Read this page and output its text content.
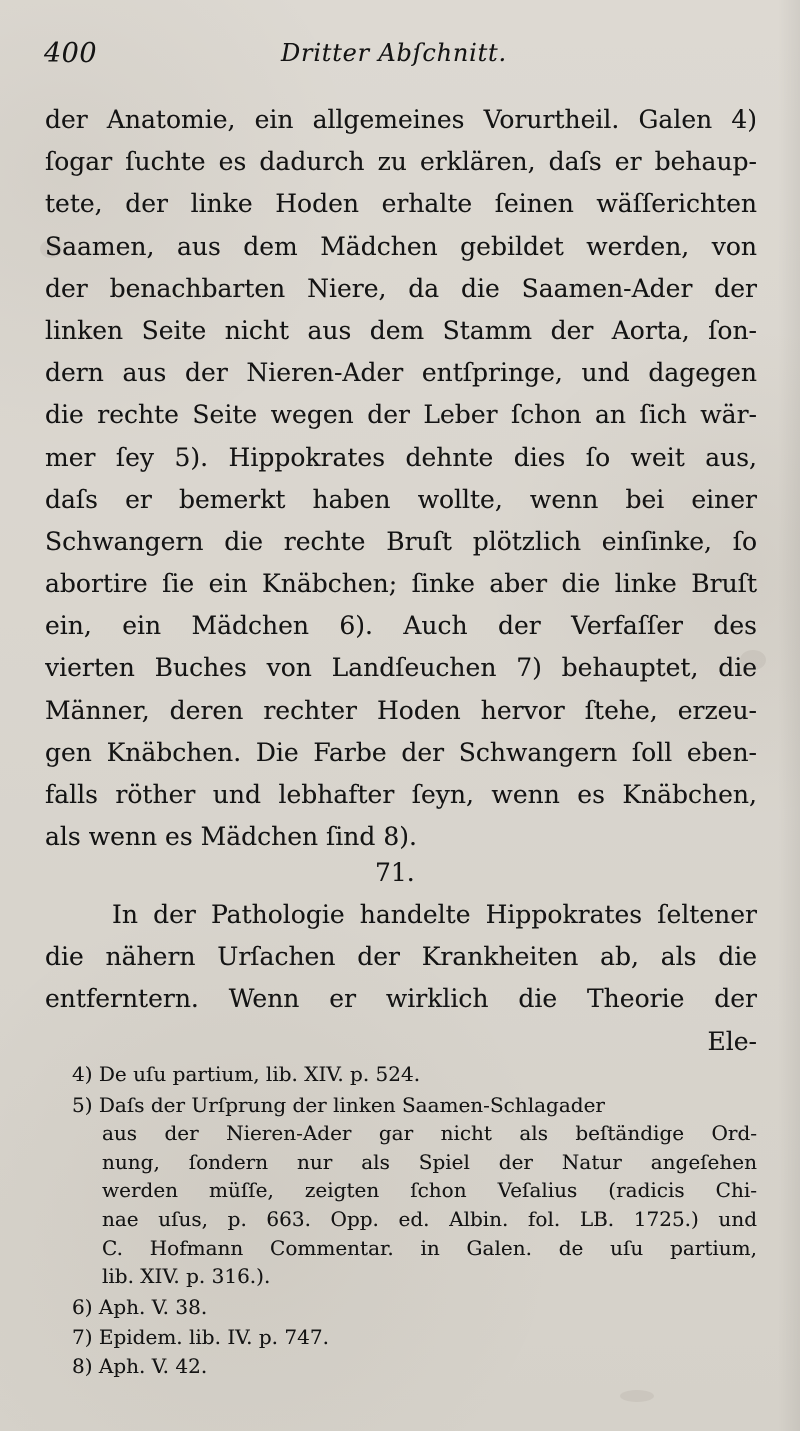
400	Dritter Abſchnitt.
der Anatomie, ein allgemeines Vorurtheil. Galen 4)
ſogar ſuchte es dadurch zu erklären, daſs er behaup-
tete, der linke Hoden erhalte ſeinen wäſſerichten
Saamen, aus dem Mädchen gebildet werden, von
der benachbarten Niere, da die Saamen-Ader der
linken Seite nicht aus dem Stamm der Aorta, ſon-
dern aus der Nieren-Ader entſpringe, und dagegen
die rechte Seite wegen der Leber ſchon an ſich wär-
mer ſey 5). Hippokrates dehnte dies ſo weit aus,
daſs er bemerkt haben wollte, wenn bei einer
Schwangern die rechte Bruſt plötzlich einſinke, ſo
abortire ſie ein Knäbchen; ſinke aber die linke Bruſt
ein, ein Mädchen 6). Auch der Verfaſſer des
vierten Buches von Landſeuchen 7) behauptet, die
Männer, deren rechter Hoden hervor ſtehe, erzeu-
gen Knäbchen. Die Farbe der Schwangern ſoll eben-
falls röther und lebhafter ſeyn, wenn es Knäbchen,
als wenn es Mädchen ſind 8).
71.
In der Pathologie handelte Hippokrates ſeltener
die nähern Urſachen der Krankheiten ab, als die
entferntern. Wenn er wirklich die Theorie der
Ele-
4) De uſu partium, lib. XIV. p. 524.
5) Daſs der Urſprung der linken Saamen-Schlagader
aus der Nieren-Ader gar nicht als beſtändige Ord-
nung, ſondern nur als Spiel der Natur angeſehen
werden müſſe, zeigten ſchon Veſalius (radicis Chi-
nae uſus, p. 663. Opp. ed. Albin. fol. LB. 1725.) und
C. Hofmann Commentar. in Galen. de uſu partium,
lib. XIV. p. 316.).
6) Aph. V. 38.
7) Epidem. lib. IV. p. 747.
8) Aph. V. 42.
